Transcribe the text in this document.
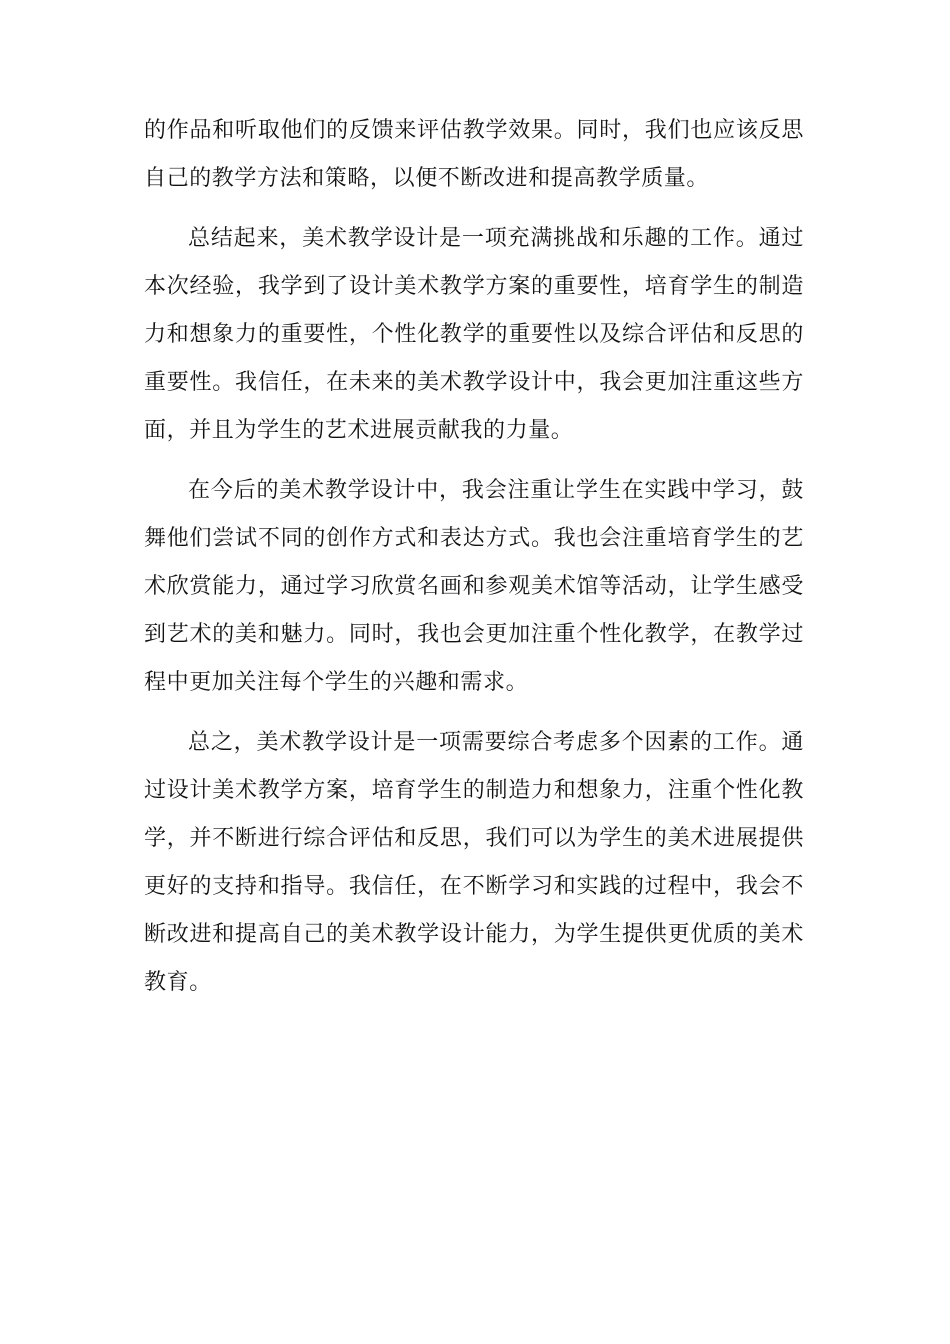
的作品和听取他们的反馈来评估教学效果。同时，我们也应该反思自己的教学方法和策略，以便不断改进和提高教学质量。

总结起来，美术教学设计是一项充满挑战和乐趣的工作。通过本次经验，我学到了设计美术教学方案的重要性，培育学生的制造力和想象力的重要性，个性化教学的重要性以及综合评估和反思的重要性。我信任，在未来的美术教学设计中，我会更加注重这些方面，并且为学生的艺术进展贡献我的力量。

在今后的美术教学设计中，我会注重让学生在实践中学习，鼓舞他们尝试不同的创作方式和表达方式。我也会注重培育学生的艺术欣赏能力，通过学习欣赏名画和参观美术馆等活动，让学生感受到艺术的美和魅力。同时，我也会更加注重个性化教学，在教学过程中更加关注每个学生的兴趣和需求。

总之，美术教学设计是一项需要综合考虑多个因素的工作。通过设计美术教学方案，培育学生的制造力和想象力，注重个性化教学，并不断进行综合评估和反思，我们可以为学生的美术进展提供更好的支持和指导。我信任，在不断学习和实践的过程中，我会不断改进和提高自己的美术教学设计能力，为学生提供更优质的美术教育。
